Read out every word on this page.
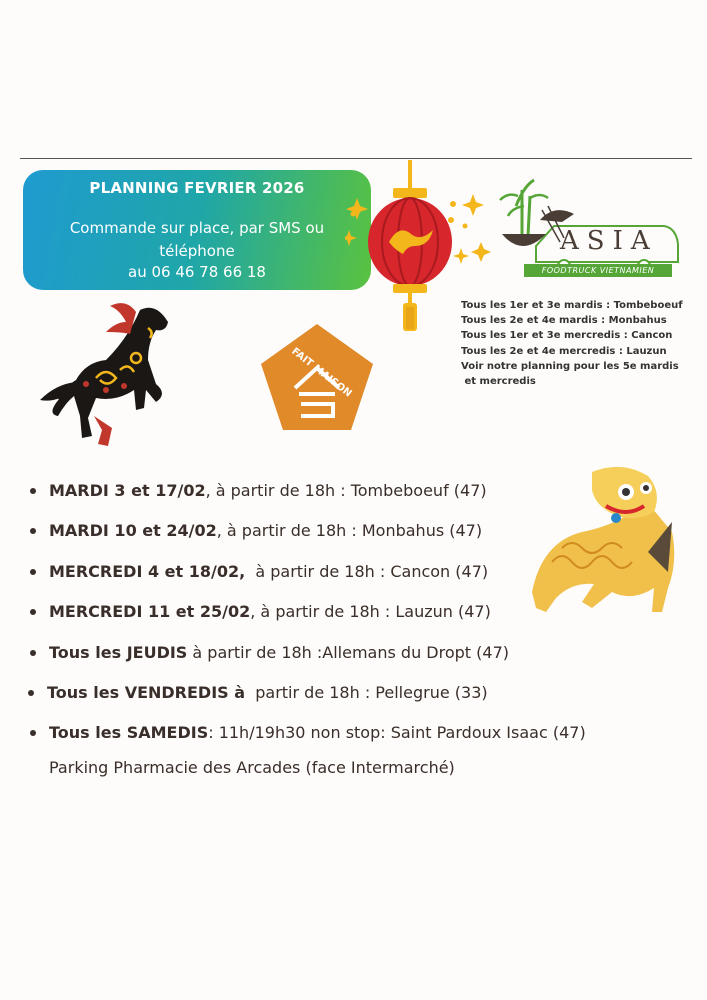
PLANNING FEVRIER 2026
Commande sur place, par SMS ou
téléphone
au 06 46 78 66 18
ASIA
FOODTRUCK VIETNAMIEN
Tous les 1er et 3e mardis : Tombeboeuf
Tous les 2e et 4e mardis : Monbahus
Tous les 1er et 3e mercredis : Cancon
Tous les 2e et 4e mercredis : Lauzun
Voir notre planning pour les 5e mardis
et mercredis
FAIT MAISON
MARDI 3 et 17/02, à partir de 18h : Tombeboeuf (47)
MARDI 10 et 24/02, à partir de 18h : Monbahus (47)
MERCREDI 4 et 18/02,  à partir de 18h : Cancon (47)
MERCREDI 11 et 25/02, à partir de 18h : Lauzun (47)
Tous les JEUDIS à partir de 18h :Allemans du Dropt (47)
Tous les VENDREDIS à  partir de 18h : Pellegrue (33)
Tous les SAMEDIS: 11h/19h30 non stop: Saint Pardoux Isaac (47)
Parking Pharmacie des Arcades (face Intermarché)
